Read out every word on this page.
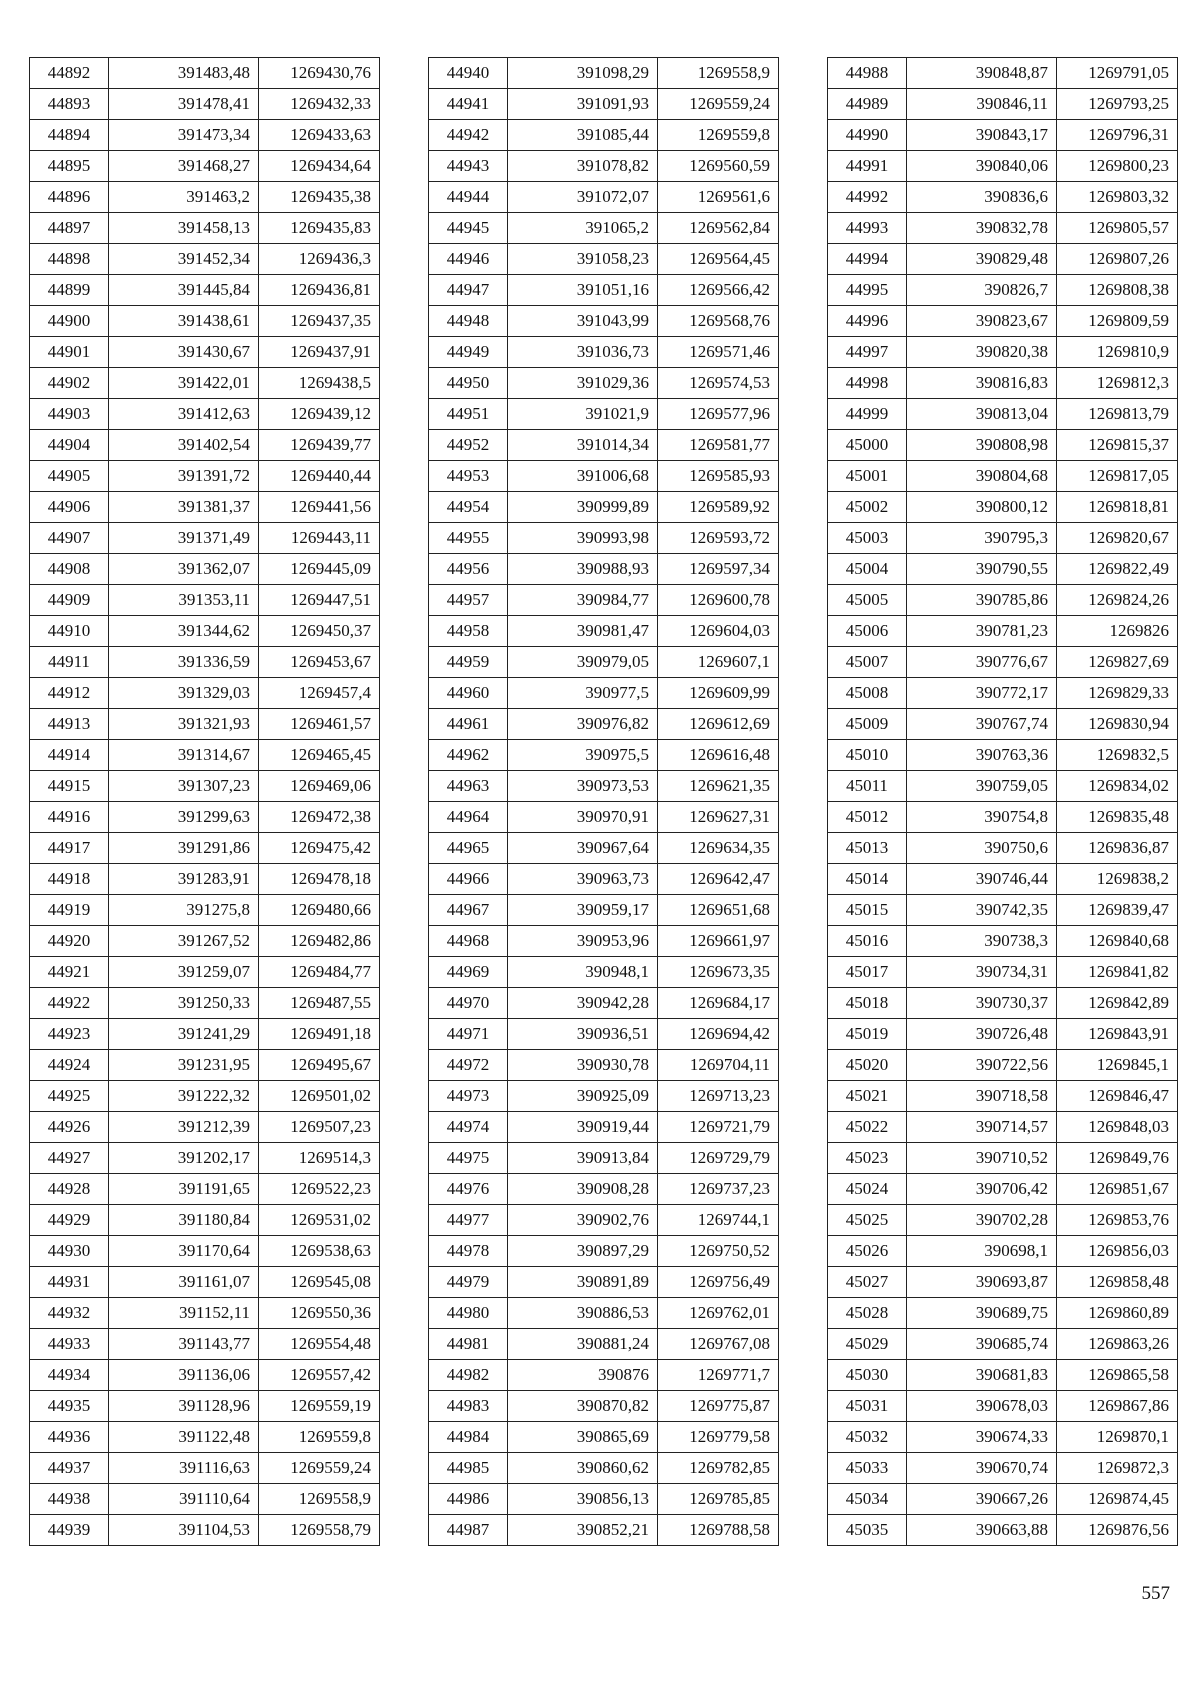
44892	391483,48	1269430,76
44893	391478,41	1269432,33
44894	391473,34	1269433,63
44895	391468,27	1269434,64
44896	391463,2	1269435,38
44897	391458,13	1269435,83
44898	391452,34	1269436,3
44899	391445,84	1269436,81
44900	391438,61	1269437,35
44901	391430,67	1269437,91
44902	391422,01	1269438,5
44903	391412,63	1269439,12
44904	391402,54	1269439,77
44905	391391,72	1269440,44
44906	391381,37	1269441,56
44907	391371,49	1269443,11
44908	391362,07	1269445,09
44909	391353,11	1269447,51
44910	391344,62	1269450,37
44911	391336,59	1269453,67
44912	391329,03	1269457,4
44913	391321,93	1269461,57
44914	391314,67	1269465,45
44915	391307,23	1269469,06
44916	391299,63	1269472,38
44917	391291,86	1269475,42
44918	391283,91	1269478,18
44919	391275,8	1269480,66
44920	391267,52	1269482,86
44921	391259,07	1269484,77
44922	391250,33	1269487,55
44923	391241,29	1269491,18
44924	391231,95	1269495,67
44925	391222,32	1269501,02
44926	391212,39	1269507,23
44927	391202,17	1269514,3
44928	391191,65	1269522,23
44929	391180,84	1269531,02
44930	391170,64	1269538,63
44931	391161,07	1269545,08
44932	391152,11	1269550,36
44933	391143,77	1269554,48
44934	391136,06	1269557,42
44935	391128,96	1269559,19
44936	391122,48	1269559,8
44937	391116,63	1269559,24
44938	391110,64	1269558,9
44939	391104,53	1269558,79
44940	391098,29	1269558,9
44941	391091,93	1269559,24
44942	391085,44	1269559,8
44943	391078,82	1269560,59
44944	391072,07	1269561,6
44945	391065,2	1269562,84
44946	391058,23	1269564,45
44947	391051,16	1269566,42
44948	391043,99	1269568,76
44949	391036,73	1269571,46
44950	391029,36	1269574,53
44951	391021,9	1269577,96
44952	391014,34	1269581,77
44953	391006,68	1269585,93
44954	390999,89	1269589,92
44955	390993,98	1269593,72
44956	390988,93	1269597,34
44957	390984,77	1269600,78
44958	390981,47	1269604,03
44959	390979,05	1269607,1
44960	390977,5	1269609,99
44961	390976,82	1269612,69
44962	390975,5	1269616,48
44963	390973,53	1269621,35
44964	390970,91	1269627,31
44965	390967,64	1269634,35
44966	390963,73	1269642,47
44967	390959,17	1269651,68
44968	390953,96	1269661,97
44969	390948,1	1269673,35
44970	390942,28	1269684,17
44971	390936,51	1269694,42
44972	390930,78	1269704,11
44973	390925,09	1269713,23
44974	390919,44	1269721,79
44975	390913,84	1269729,79
44976	390908,28	1269737,23
44977	390902,76	1269744,1
44978	390897,29	1269750,52
44979	390891,89	1269756,49
44980	390886,53	1269762,01
44981	390881,24	1269767,08
44982	390876	1269771,7
44983	390870,82	1269775,87
44984	390865,69	1269779,58
44985	390860,62	1269782,85
44986	390856,13	1269785,85
44987	390852,21	1269788,58
44988	390848,87	1269791,05
44989	390846,11	1269793,25
44990	390843,17	1269796,31
44991	390840,06	1269800,23
44992	390836,6	1269803,32
44993	390832,78	1269805,57
44994	390829,48	1269807,26
44995	390826,7	1269808,38
44996	390823,67	1269809,59
44997	390820,38	1269810,9
44998	390816,83	1269812,3
44999	390813,04	1269813,79
45000	390808,98	1269815,37
45001	390804,68	1269817,05
45002	390800,12	1269818,81
45003	390795,3	1269820,67
45004	390790,55	1269822,49
45005	390785,86	1269824,26
45006	390781,23	1269826
45007	390776,67	1269827,69
45008	390772,17	1269829,33
45009	390767,74	1269830,94
45010	390763,36	1269832,5
45011	390759,05	1269834,02
45012	390754,8	1269835,48
45013	390750,6	1269836,87
45014	390746,44	1269838,2
45015	390742,35	1269839,47
45016	390738,3	1269840,68
45017	390734,31	1269841,82
45018	390730,37	1269842,89
45019	390726,48	1269843,91
45020	390722,56	1269845,1
45021	390718,58	1269846,47
45022	390714,57	1269848,03
45023	390710,52	1269849,76
45024	390706,42	1269851,67
45025	390702,28	1269853,76
45026	390698,1	1269856,03
45027	390693,87	1269858,48
45028	390689,75	1269860,89
45029	390685,74	1269863,26
45030	390681,83	1269865,58
45031	390678,03	1269867,86
45032	390674,33	1269870,1
45033	390670,74	1269872,3
45034	390667,26	1269874,45
45035	390663,88	1269876,56
557
